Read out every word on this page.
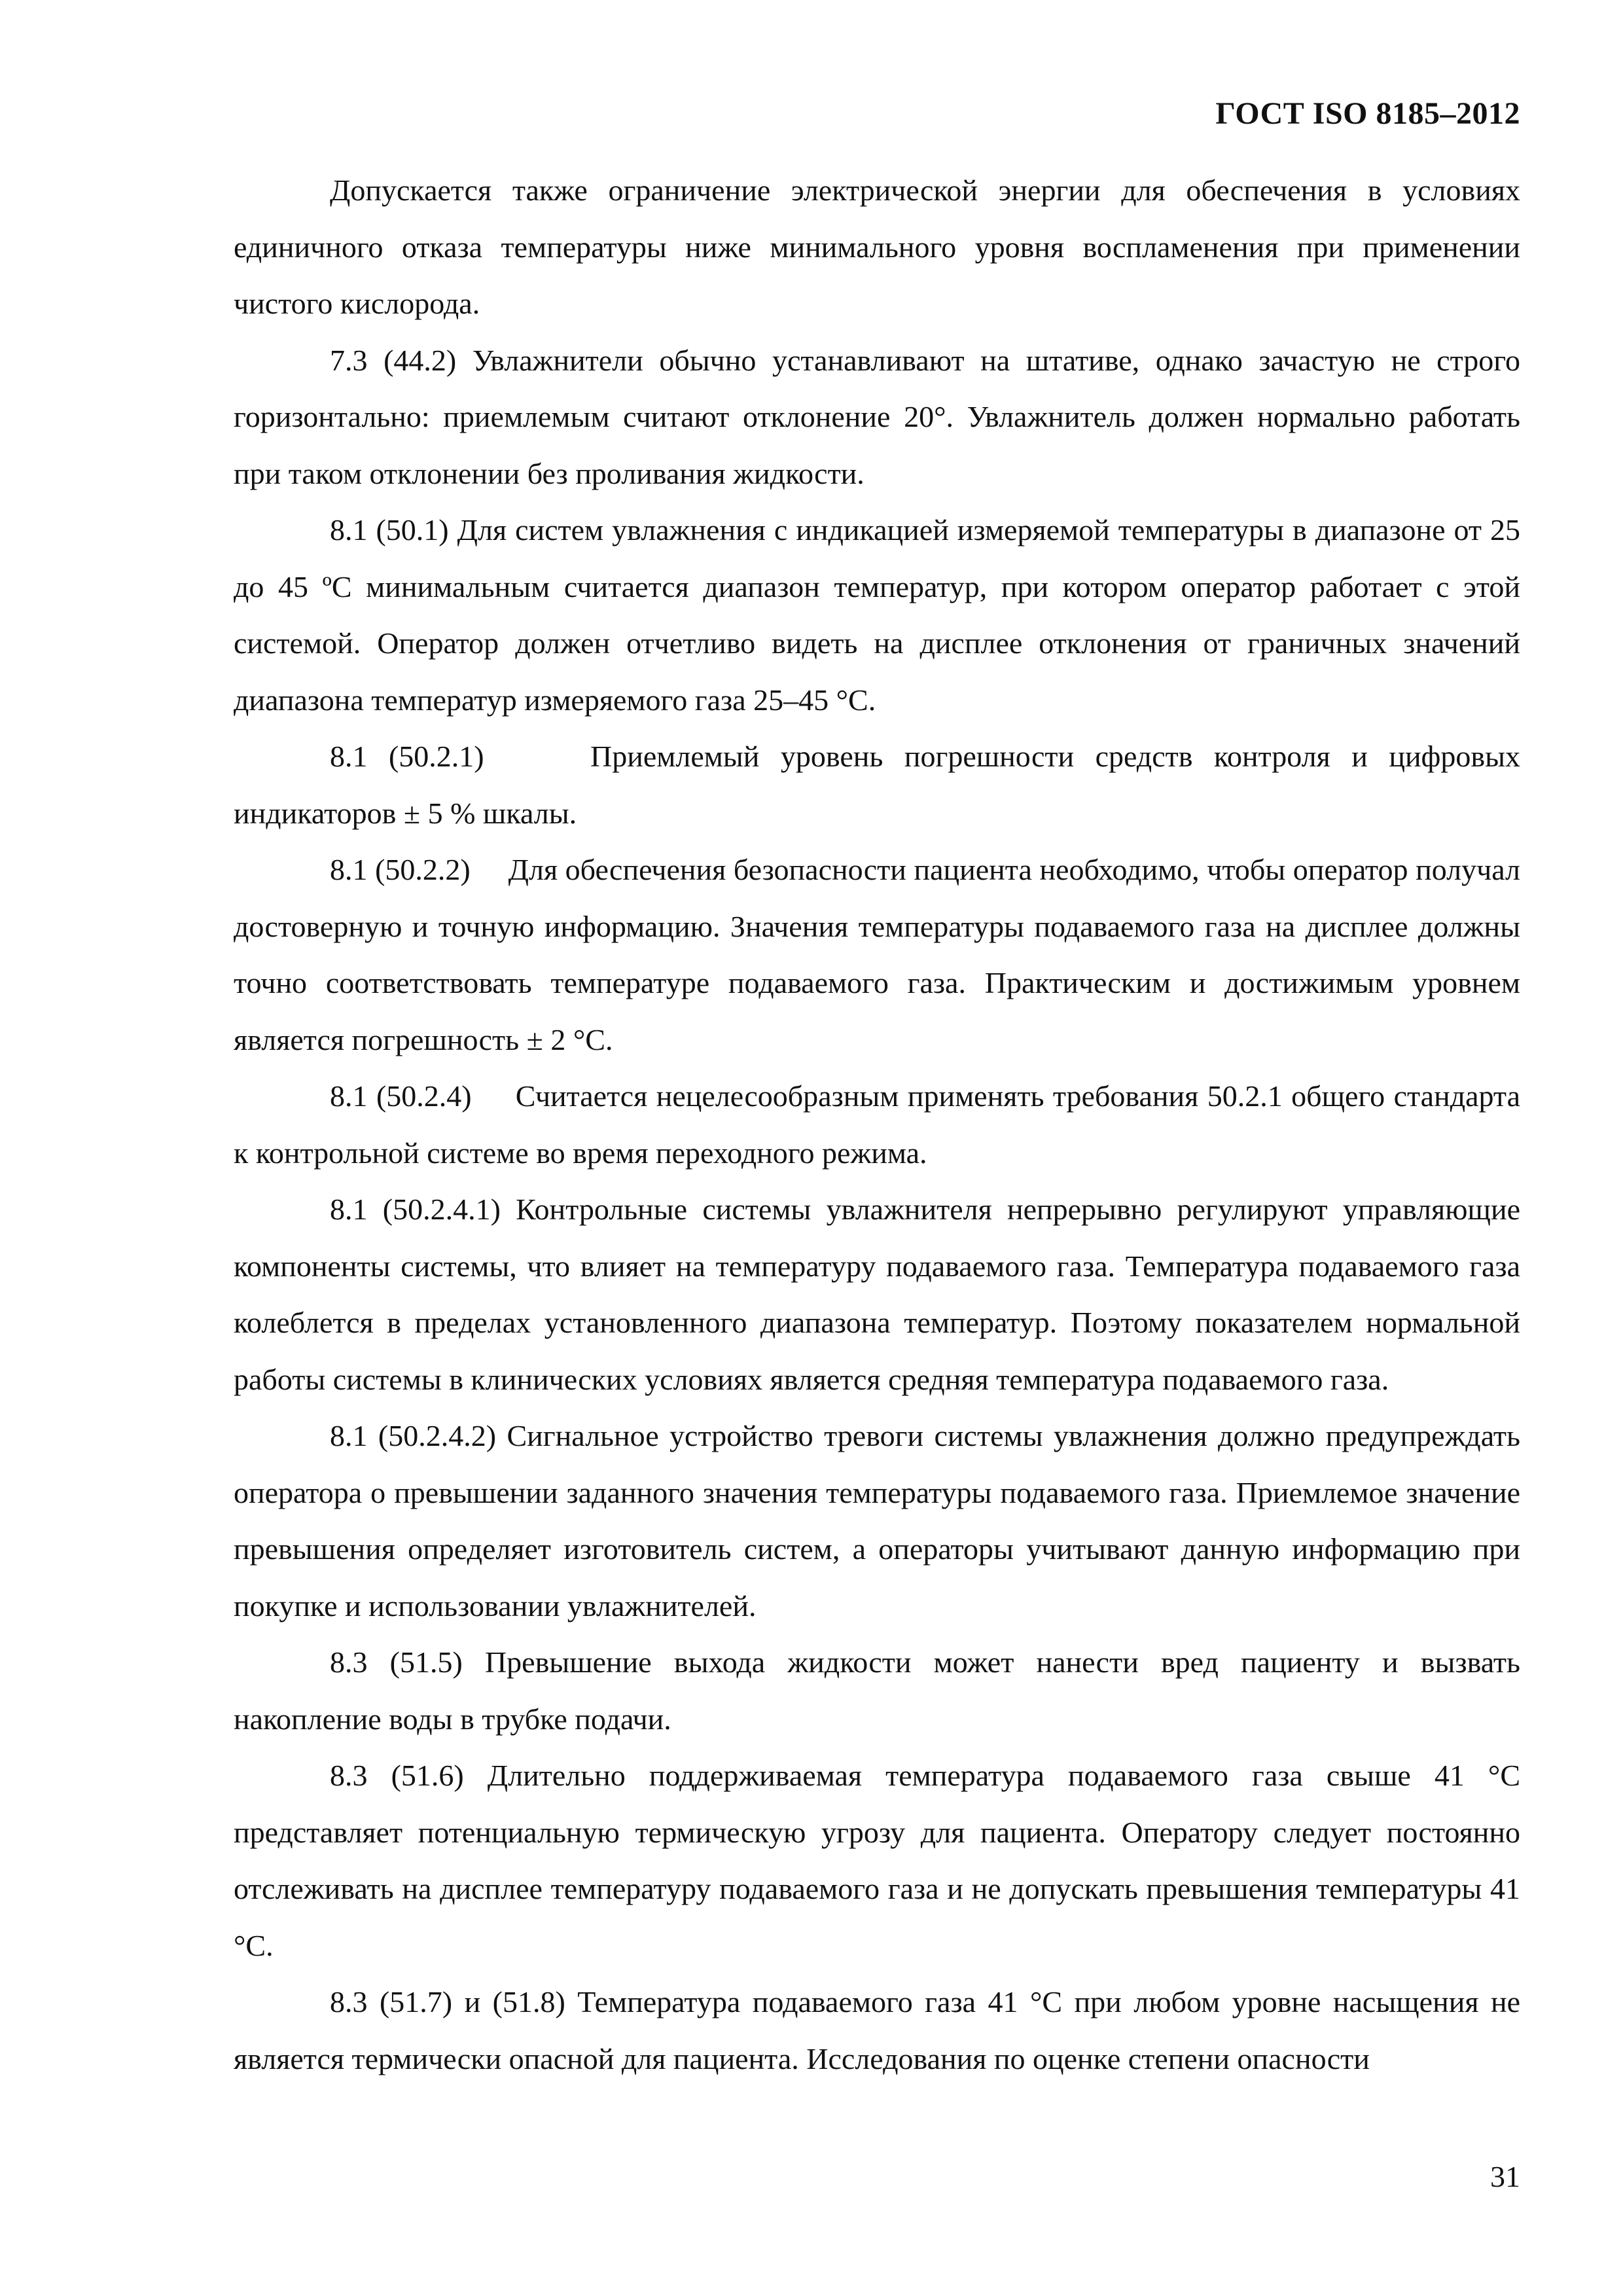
ГОСТ ISO 8185–2012

Допускается также ограничение электрической энергии для обеспечения в условиях единичного отказа температуры ниже минимального уровня воспламенения при применении чистого кислорода.

7.3 (44.2) Увлажнители обычно устанавливают на штативе, однако зачастую не строго горизонтально: приемлемым считают отклонение 20°. Увлажнитель должен нормально работать при таком отклонении без проливания жидкости.

8.1 (50.1) Для систем увлажнения с индикацией измеряемой температуры в диапазоне от 25 до 45 ºС минимальным считается диапазон температур, при котором оператор работает с этой системой. Оператор должен отчетливо видеть на дисплее отклонения от граничных значений диапазона температур измеряемого газа 25–45 °С.

8.1 (50.2.1)     Приемлемый уровень погрешности средств контроля и цифровых индикаторов ± 5 % шкалы.

8.1 (50.2.2)     Для обеспечения безопасности пациента необходимо, чтобы оператор получал достоверную и точную информацию. Значения температуры подаваемого газа на дисплее должны точно соответствовать температуре подаваемого газа. Практическим и достижимым уровнем является погрешность ± 2 °С.

8.1 (50.2.4)     Считается нецелесообразным применять требования 50.2.1 общего стандарта к контрольной системе во время переходного режима.

8.1 (50.2.4.1) Контрольные системы увлажнителя непрерывно регулируют управляющие компоненты системы, что влияет на температуру подаваемого газа. Температура подаваемого газа колеблется в пределах установленного диапазона температур. Поэтому показателем нормальной работы системы в клинических условиях является средняя температура подаваемого газа.

8.1 (50.2.4.2) Сигнальное устройство тревоги системы увлажнения должно предупреждать оператора о превышении заданного значения температуры подаваемого газа. Приемлемое значение превышения определяет изготовитель систем, а операторы учитывают данную информацию при покупке и использовании увлажнителей.

8.3 (51.5) Превышение выхода жидкости может нанести вред пациенту и вызвать накопление воды в трубке подачи.

8.3 (51.6) Длительно поддерживаемая температура подаваемого газа свыше 41 °С представляет потенциальную термическую угрозу для пациента. Оператору следует постоянно отслеживать на дисплее температуру подаваемого газа и не допускать превышения температуры 41 °С.

8.3 (51.7) и (51.8) Температура подаваемого газа 41 °С при любом уровне насыщения не является термически опасной для пациента. Исследования по оценке степени опасности

31
